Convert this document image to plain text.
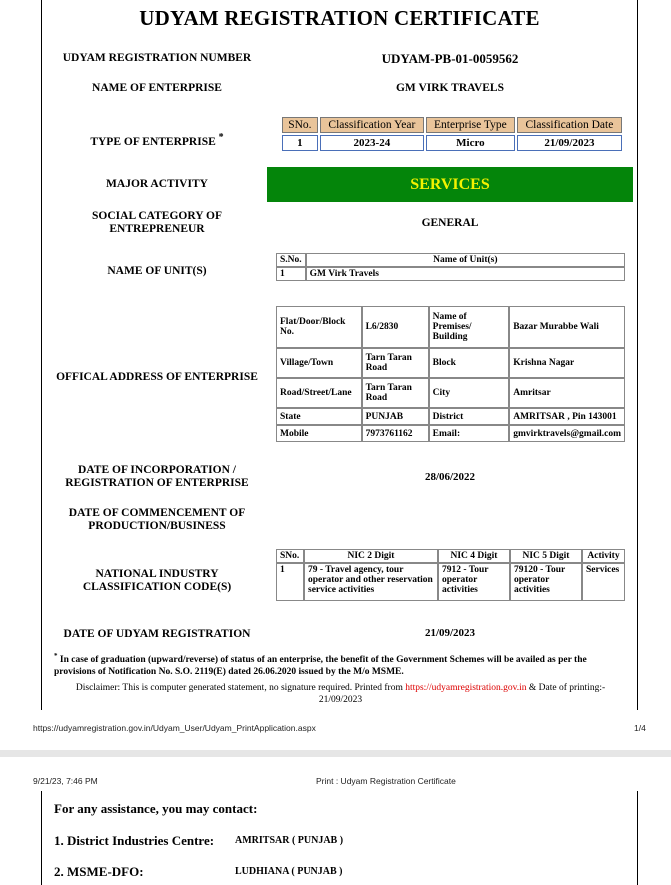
UDYAM REGISTRATION CERTIFICATE
UDYAM REGISTRATION NUMBER	UDYAM-PB-01-0059562
NAME OF ENTERPRISE	GM VIRK TRAVELS
TYPE OF ENTERPRISE *
SNo.	Classification Year	Enterprise Type	Classification Date
1	2023-24	Micro	21/09/2023
MAJOR ACTIVITY	SERVICES
SOCIAL CATEGORY OF
ENTREPRENEUR	GENERAL
NAME OF UNIT(S)
S.No.	Name of Unit(s)
1	GM Virk Travels
OFFICAL ADDRESS OF ENTERPRISE
Flat/Door/Block No.	L6/2830	Name of Premises/ Building	Bazar Murabbe Wali
Village/Town	Tarn Taran Road	Block	Krishna Nagar
Road/Street/Lane	Tarn Taran Road	City	Amritsar
State	PUNJAB	District	AMRITSAR , Pin 143001
Mobile	7973761162	Email:	gmvirktravels@gmail.com
DATE OF INCORPORATION /
REGISTRATION OF ENTERPRISE	28/06/2022
DATE OF COMMENCEMENT OF
PRODUCTION/BUSINESS
NATIONAL INDUSTRY
CLASSIFICATION CODE(S)
SNo.	NIC 2 Digit	NIC 4 Digit	NIC 5 Digit	Activity
1	79 - Travel agency, tour operator and other reservation service activities	7912 - Tour operator activities	79120 - Tour operator activities	Services
DATE OF UDYAM REGISTRATION	21/09/2023
* In case of graduation (upward/reverse) of status of an enterprise, the benefit of the Government Schemes will be availed as per the provisions of Notification No. S.O. 2119(E) dated 26.06.2020 issued by the M/o MSME.
Disclaimer: This is computer generated statement, no signature required. Printed from https://udyamregistration.gov.in & Date of printing:-
21/09/2023
https://udyamregistration.gov.in/Udyam_User/Udyam_PrintApplication.aspx	1/4
9/21/23, 7:46 PM	Print : Udyam Registration Certificate
For any assistance, you may contact:
1. District Industries Centre: AMRITSAR ( PUNJAB )
2. MSME-DFO:	LUDHIANA ( PUNJAB )
